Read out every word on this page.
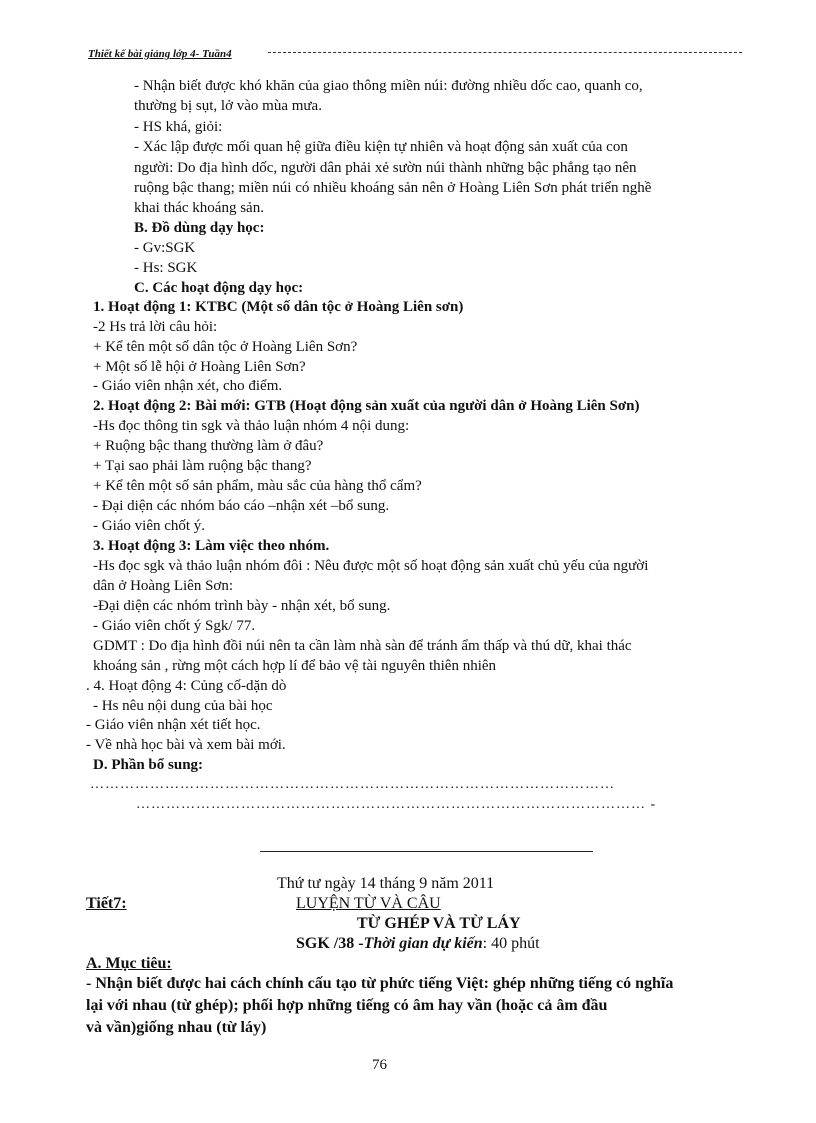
Thiết kế bài giảng lớp 4- Tuần4
- Nhận biết được khó khăn của giao thông miền núi: đường nhiều dốc cao, quanh co,
thường bị sụt, lở vào mùa mưa.
- HS khá, giỏi:
- Xác lập được mối quan hệ giữa điều kiện tự nhiên và hoạt động sản xuất của con
người: Do địa hình dốc, người dân phải xẻ sườn núi thành những bậc phẳng tạo nên
ruộng bậc thang; miền núi có nhiều khoáng sản nên ở Hoàng Liên Sơn phát triển nghề
khai thác khoáng sản.
B. Đồ dùng dạy học:
- Gv:SGK
- Hs: SGK
C. Các hoạt động dạy học:
1. Hoạt động 1: KTBC (Một số dân tộc ở Hoàng Liên sơn)
-2 Hs trả lời câu hỏi:
+ Kể tên một số dân tộc ở Hoàng Liên Sơn?
+ Một số lễ hội ở Hoàng Liên Sơn?
- Giáo viên nhận xét, cho điểm.
2. Hoạt động 2: Bài mới: GTB (Hoạt động sản xuất của người dân ở Hoàng Liên Sơn)
-Hs đọc thông tin sgk và thảo luận nhóm 4 nội dung:
+ Ruộng bậc thang thường làm ở đâu?
+ Tại sao phải làm ruộng bậc thang?
+ Kể tên một số sản phẩm, màu sắc của hàng thổ cẩm?
- Đại diện các nhóm báo cáo –nhận xét –bổ sung.
- Giáo viên chốt ý.
3. Hoạt động 3: Làm việc theo nhóm.
-Hs đọc sgk và thảo luận nhóm đôi : Nêu được một số hoạt động sản xuất chủ yếu của người
dân ở Hoàng Liên Sơn:
-Đại diện các nhóm trình bày - nhận xét, bổ sung.
- Giáo viên chốt ý Sgk/ 77.
GDMT : Do địa hình đồi núi nên ta cần làm nhà sàn để tránh ẩm thấp và thú dữ, khai thác
khoáng sản , rừng một cách hợp lí để bảo vệ tài nguyên thiên nhiên
. 4. Hoạt động 4: Củng cố-dặn dò
- Hs nêu nội dung của bài học
- Giáo viên nhận xét tiết học.
- Về nhà học bài và xem bài mới.
D. Phần bổ sung:
……………………………………………………………………………………………
………………………………………………………………………………………… -
Thứ tư ngày 14 tháng 9 năm 2011
Tiết7:	LUYỆN TỪ VÀ CÂU
TỪ GHÉP VÀ TỪ LÁY
SGK /38 -Thời gian dự kiến: 40 phút
A. Mục tiêu:
- Nhận biết được hai cách chính cấu tạo từ phức tiếng Việt: ghép những tiếng có nghĩa
lại với nhau (từ ghép); phối hợp những tiếng có âm hay vần (hoặc cả âm đầu
và vần)giống nhau (từ láy)
76
